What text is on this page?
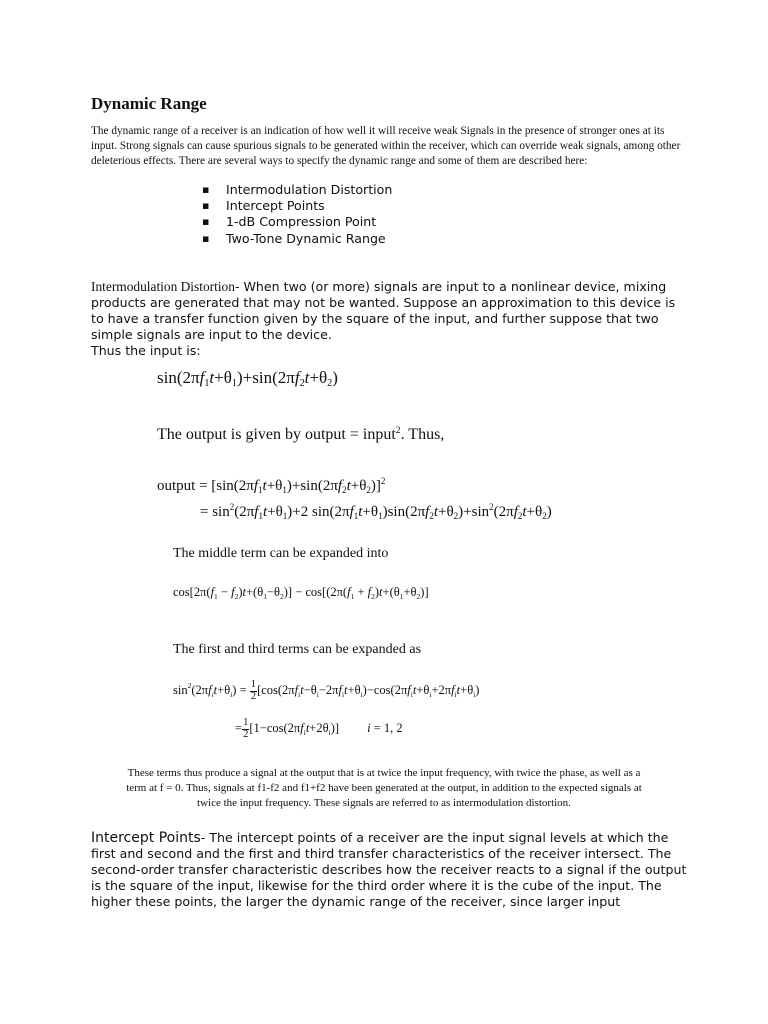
Dynamic Range
The dynamic range of a receiver is an indication of how well it will receive weak Signals in the presence of stronger ones at its input. Strong signals can cause spurious signals to be generated within the receiver, which can override weak signals, among other deleterious effects. There are several ways to specify the dynamic range and some of them are described here:
▪ Intermodulation Distortion
▪ Intercept Points
▪ 1-dB Compression Point
▪ Two-Tone Dynamic Range
Intermodulation Distortion- When two (or more) signals are input to a nonlinear device, mixing products are generated that may not be wanted. Suppose an approximation to this device is to have a transfer function given by the square of the input, and further suppose that two simple signals are input to the device.
Thus the input is:
$\sin(2\pi f_1t+\theta_1)+\sin(2\pi f_2t+\theta_2)$
The output is given by output = input$^2$. Thus,
output = $[\sin(2\pi f_1t+\theta_1)+\sin(2\pi f_2t+\theta_2)]^2$
= $\sin^2(2\pi f_1t+\theta_1)+2$ $\sin(2\pi f_1t+\theta_1)\sin(2\pi f_2t+\theta_2)+\sin^2(2\pi f_2t+\theta_2)$
The middle term can be expanded into
$\cos[2\pi(f_1 - f_2)t+(\theta_1-\theta_2)] - \cos[(2\pi(f_1 + f_2)t+(\theta_1+\theta_2)]$
The first and third terms can be expanded as
$\sin^2(2\pi f_it+\theta_i) = \frac{1}{2} [\cos(2\pi f_it-\theta_i-2\pi f_it+\theta_i)-\cos(2\pi f_it+\theta_i+2\pi f_it+\theta_i)$
= $\frac{1}{2} [1-\cos(2\pi f_it+2\theta_i)]$         i = 1, 2
These terms thus produce a signal at the output that is at twice the input frequency, with twice the phase, as well as a
term at f = 0. Thus, signals at f1-f2 and f1+f2 have been generated at the output, in addition to the expected signals at
twice the input frequency. These signals are referred to as intermodulation distortion.
Intercept Points- The intercept points of a receiver are the input signal levels at which the first and second and the first and third transfer characteristics of the receiver intersect. The second-order transfer characteristic describes how the receiver reacts to a signal if the output is the square of the input, likewise for the third order where it is the cube of the input. The higher these points, the larger the dynamic range of the receiver, since larger input
